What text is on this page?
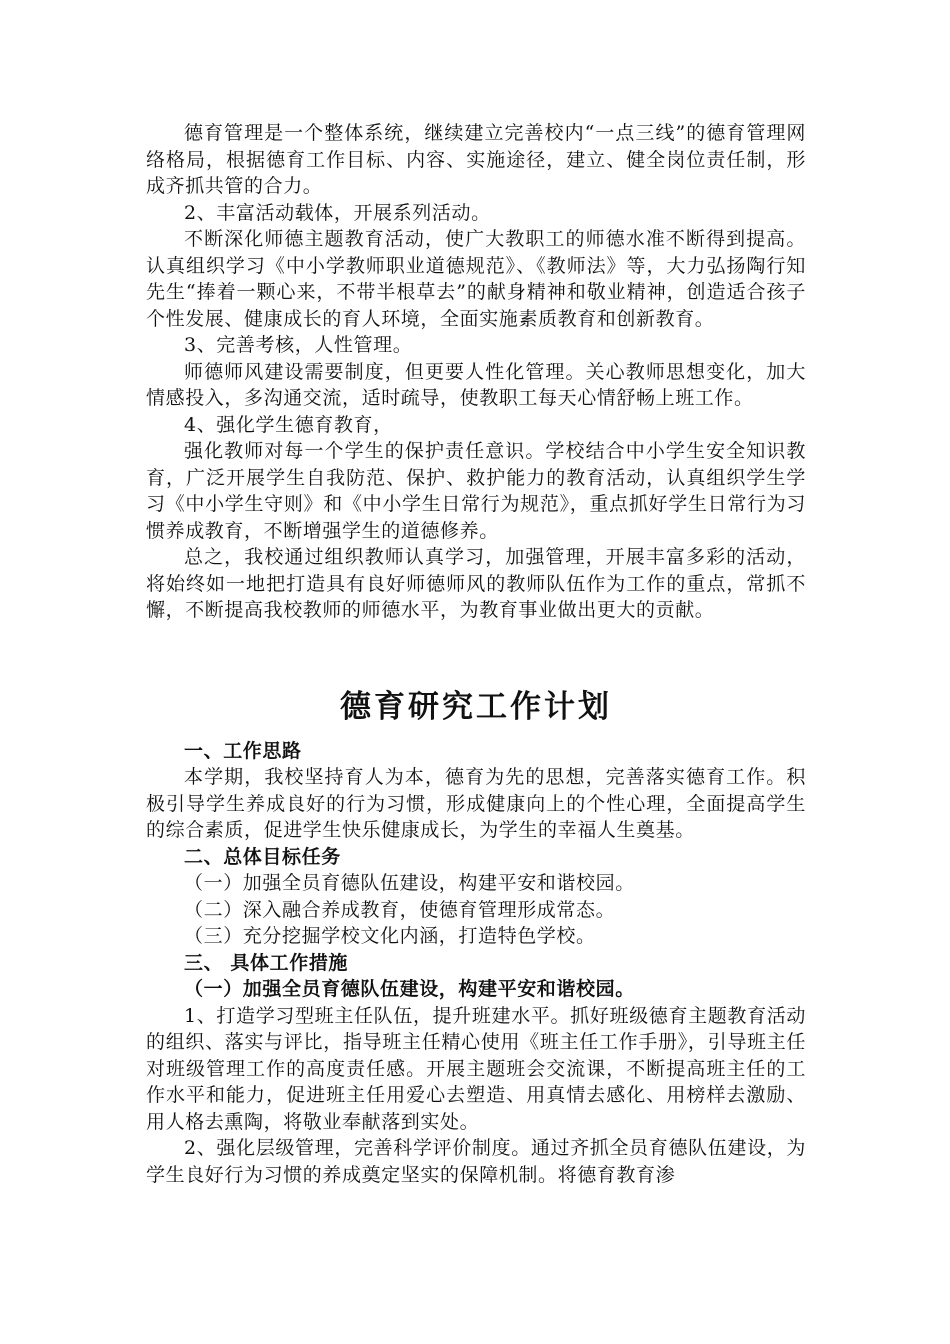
德育管理是一个整体系统，继续建立完善校内“一点三线”的德育管理网络格局，根据德育工作目标、内容、实施途径，建立、健全岗位责任制，形成齐抓共管的合力。

2、丰富活动载体，开展系列活动。

不断深化师德主题教育活动，使广大教职工的师德水准不断得到提高。认真组织学习《中小学教师职业道德规范》、《教师法》等，大力弘扬陶行知先生“捧着一颗心来，不带半根草去”的献身精神和敬业精神，创造适合孩子个性发展、健康成长的育人环境，全面实施素质教育和创新教育。

3、完善考核，人性管理。

师德师风建设需要制度，但更要人性化管理。关心教师思想变化，加大情感投入，多沟通交流，适时疏导，使教职工每天心情舒畅上班工作。

4、强化学生德育教育，

强化教师对每一个学生的保护责任意识。学校结合中小学生安全知识教育，广泛开展学生自我防范、保护、救护能力的教育活动，认真组织学生学习《中小学生守则》和《中小学生日常行为规范》，重点抓好学生日常行为习惯养成教育，不断增强学生的道德修养。

总之，我校通过组织教师认真学习，加强管理，开展丰富多彩的活动，将始终如一地把打造具有良好师德师风的教师队伍作为工作的重点，常抓不懈，不断提高我校教师的师德水平，为教育事业做出更大的贡献。

德育研究工作计划

一、工作思路

本学期，我校坚持育人为本，德育为先的思想，完善落实德育工作。积极引导学生养成良好的行为习惯，形成健康向上的个性心理，全面提高学生的综合素质，促进学生快乐健康成长，为学生的幸福人生奠基。

二、总体目标任务

（一）加强全员育德队伍建设，构建平安和谐校园。

（二）深入融合养成教育，使德育管理形成常态。

（三）充分挖掘学校文化内涵，打造特色学校。

三、 具体工作措施

（一）加强全员育德队伍建设，构建平安和谐校园。

1、打造学习型班主任队伍，提升班建水平。抓好班级德育主题教育活动的组织、落实与评比，指导班主任精心使用《班主任工作手册》，引导班主任对班级管理工作的高度责任感。开展主题班会交流课，不断提高班主任的工作水平和能力，促进班主任用爱心去塑造、用真情去感化、用榜样去激励、用人格去熏陶，将敬业奉献落到实处。

2、强化层级管理，完善科学评价制度。通过齐抓全员育德队伍建设，为学生良好行为习惯的养成奠定坚实的保障机制。将德育教育渗
